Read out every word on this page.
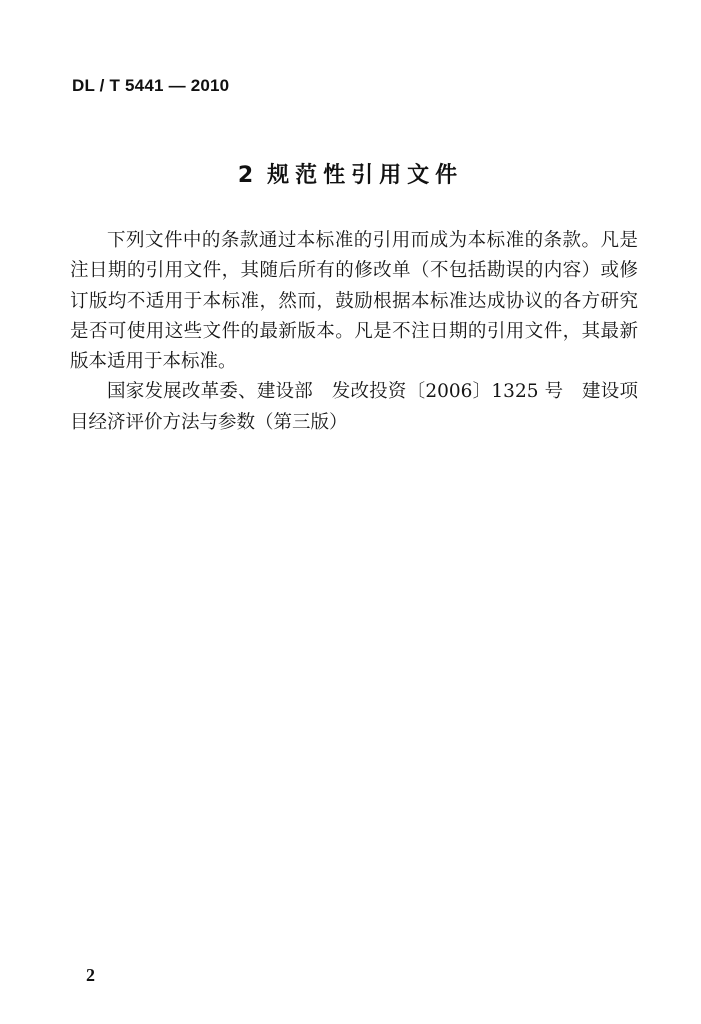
DL / T 5441 — 2010
2 规范性引用文件

下列文件中的条款通过本标准的引用而成为本标准的条款。凡是注日期的引用文件，其随后所有的修改单（不包括勘误的内容）或修订版均不适用于本标准，然而，鼓励根据本标准达成协议的各方研究是否可使用这些文件的最新版本。凡是不注日期的引用文件，其最新版本适用于本标准。

国家发展改革委、建设部　发改投资〔2006〕1325 号　建设项目经济评价方法与参数（第三版）

2
